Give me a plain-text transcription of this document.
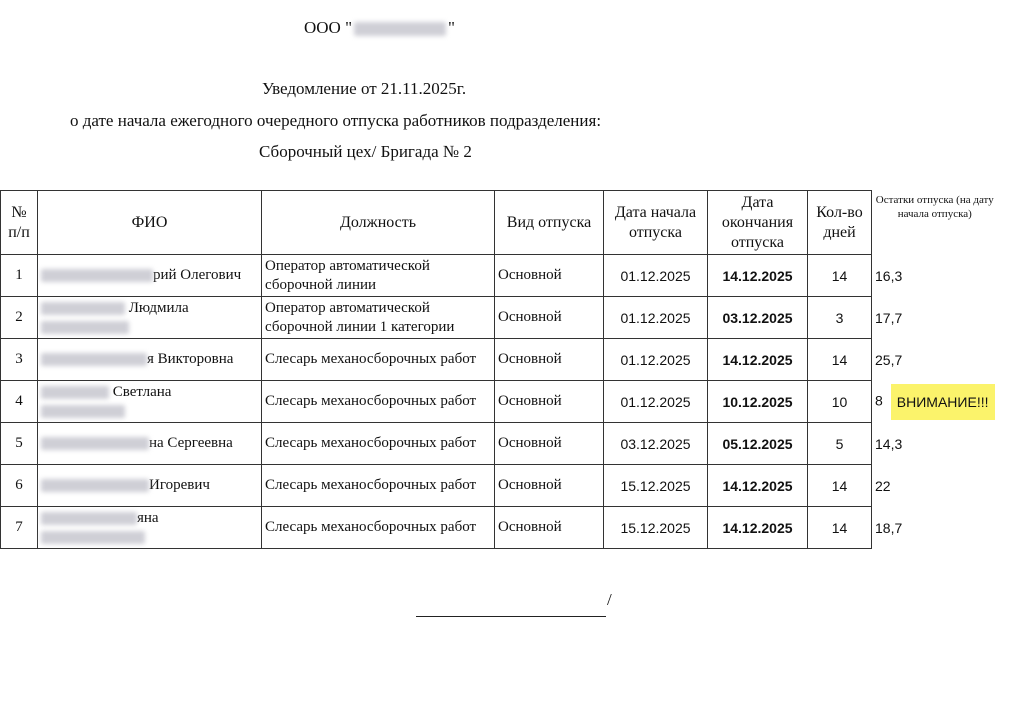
ООО "	"
Уведомление от 21.11.2025г.
о дате начала ежегодного очередного отпуска работников подразделения:
Сборочный цех/ Бригада № 2
№ п/п	ФИО	Должность	Вид отпуска	Дата начала отпуска	Дата окончания отпуска	Кол-во дней	Остатки отпуска (на дату начала отпуска)
1	рий Олегович	Оператор автоматической сборочной линии	Основной	01.12.2025	14.12.2025	14	16,3
2	Людмила	Оператор автоматической сборочной линии 1 категории	Основной	01.12.2025	03.12.2025	3	17,7
3	я Викторовна	Слесарь механосборочных работ	Основной	01.12.2025	14.12.2025	14	25,7
4	Светлана	Слесарь механосборочных работ	Основной	01.12.2025	10.12.2025	10	8 ВНИМАНИЕ!!!
5	на Сергеевна	Слесарь механосборочных работ	Основной	03.12.2025	05.12.2025	5	14,3
6	Игоревич	Слесарь механосборочных работ	Основной	15.12.2025	14.12.2025	14	22
7	яна	Слесарь механосборочных работ	Основной	15.12.2025	14.12.2025	14	18,7
/
